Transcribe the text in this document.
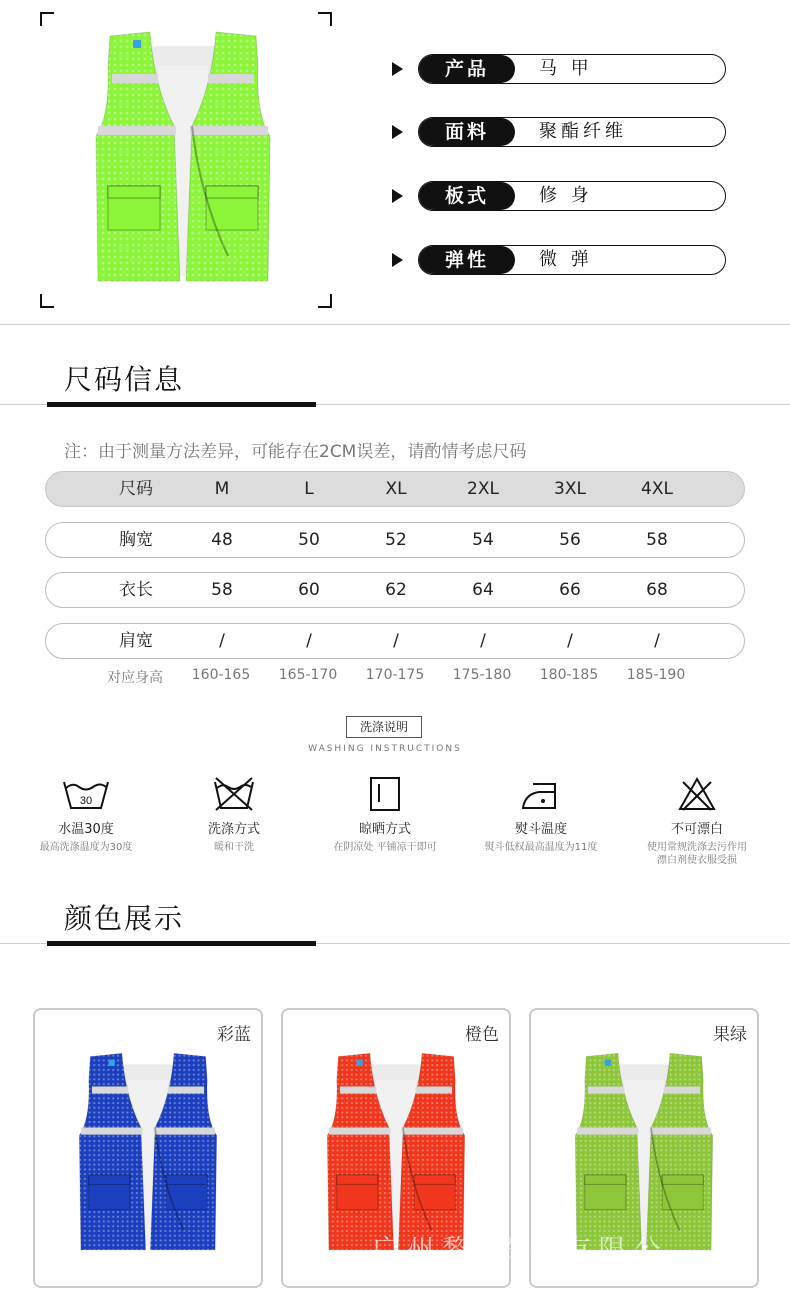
产品	马 甲
面料	聚酯纤维
板式	修 身
弹性	微 弹
尺码信息
注：由于测量方法差异，可能存在2CM误差，请酌情考虑尺码
尺码	M	L	XL	2XL	3XL	4XL
胸宽	48	50	52	54	56	58
衣长	58	60	62	64	66	68
肩宽	/	/	/	/	/	/
对应身高	160-165	165-170	170-175	175-180	180-185	185-190
洗涤说明
WASHING INSTRUCTIONS
30
水温30度
最高洗涤温度为30度
洗涤方式
暖和干洗
晾晒方式
在阴凉处 平铺凉干即可
熨斗温度
熨斗低权最高温度为11度
不可漂白
使用常规洗涤去污作用
漂白剂使衣服受损
颜色展示
彩蓝	橙色	果绿
广州黎 贸易有限公
